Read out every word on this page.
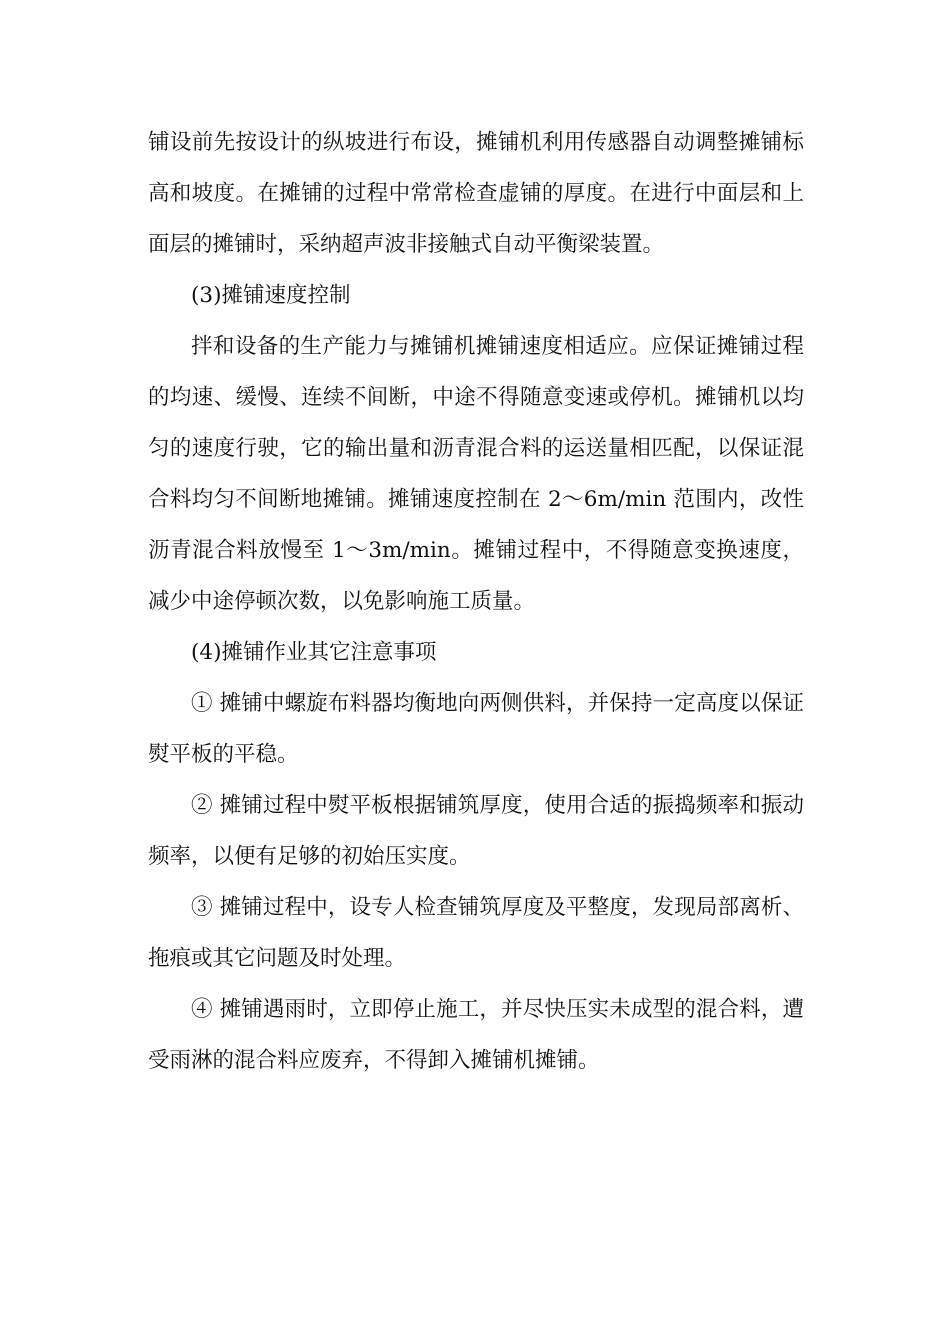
铺设前先按设计的纵坡进行布设，摊铺机利用传感器自动调整摊铺标高和坡度。在摊铺的过程中常常检查虚铺的厚度。在进行中面层和上面层的摊铺时，采纳超声波非接触式自动平衡梁装置。

(3)摊铺速度控制

拌和设备的生产能力与摊铺机摊铺速度相适应。应保证摊铺过程的均速、缓慢、连续不间断，中途不得随意变速或停机。摊铺机以均匀的速度行驶，它的输出量和沥青混合料的运送量相匹配，以保证混合料均匀不间断地摊铺。摊铺速度控制在 2～6m/min 范围内，改性沥青混合料放慢至 1～3m/min。摊铺过程中，不得随意变换速度，减少中途停顿次数，以免影响施工质量。

(4)摊铺作业其它注意事项

① 摊铺中螺旋布料器均衡地向两侧供料，并保持一定高度以保证熨平板的平稳。

② 摊铺过程中熨平板根据铺筑厚度，使用合适的振捣频率和振动频率，以便有足够的初始压实度。

③ 摊铺过程中，设专人检查铺筑厚度及平整度，发现局部离析、拖痕或其它问题及时处理。

④ 摊铺遇雨时，立即停止施工，并尽快压实未成型的混合料，遭受雨淋的混合料应废弃，不得卸入摊铺机摊铺。
